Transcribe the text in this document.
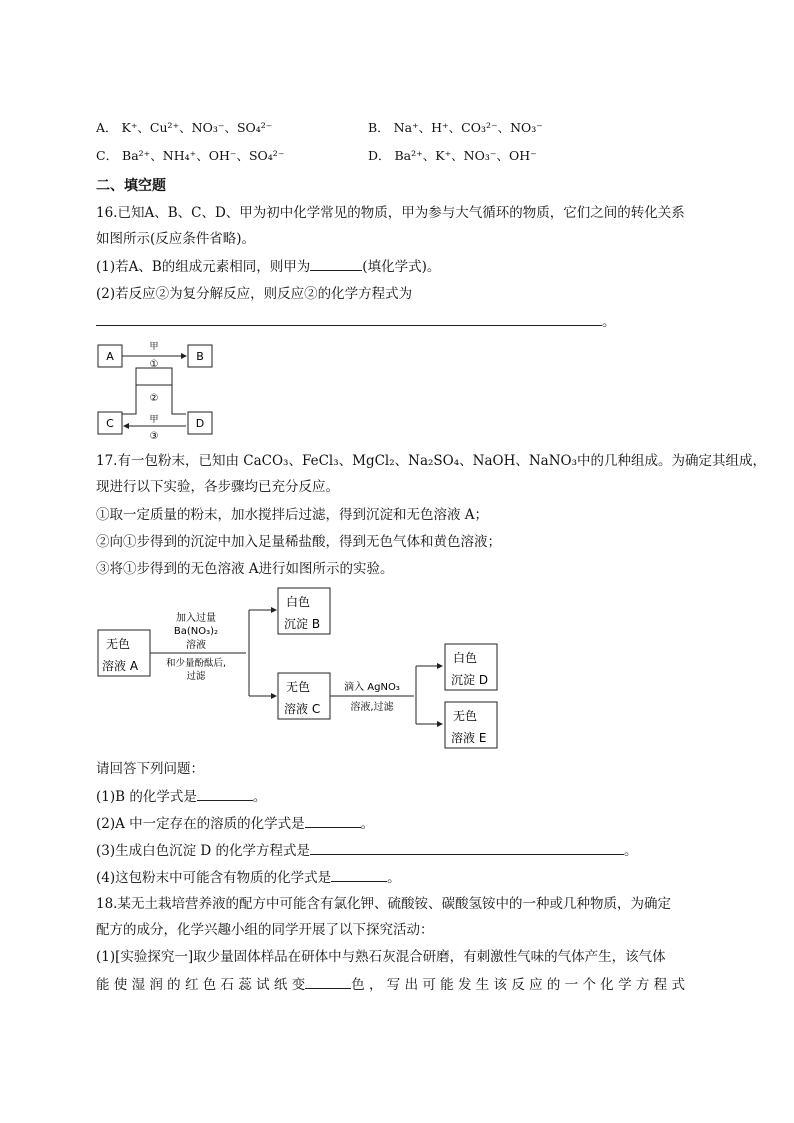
A． K⁺、Cu²⁺、NO₃⁻、SO₄²⁻	B． Na⁺、H⁺、CO₃²⁻、NO₃⁻
C． Ba²⁺、NH₄⁺、OH⁻、SO₄²⁻	D． Ba²⁺、K⁺、NO₃⁻、OH⁻
二、填空题
16.已知A、B、C、D、甲为初中化学常见的物质，甲为参与大气循环的物质，它们之间的转化关系
如图所示(反应条件省略)。
(1)若A、B的组成元素相同，则甲为	(填化学式)。
(2)若反应②为复分解反应，则反应②的化学方程式为
。
A	B
C	D
甲
①
②
甲
③
17.有一包粉末，已知由 CaCO₃、FeCl₃、MgCl₂、Na₂SO₄、NaOH、NaNO₃中的几种组成。为确定其组成，
现进行以下实验，各步骤均已充分反应。
①取一定质量的粉末，加水搅拌后过滤，得到沉淀和无色溶液 A；
②向①步得到的沉淀中加入足量稀盐酸，得到无色气体和黄色溶液；
③将①步得到的无色溶液 A进行如图所示的实验。
无色
溶液 A
加入过量
Ba(NO₃)₂
溶液
和少量酚酞后,
过滤
白色
沉淀 B
无色
溶液 C
滴入 AgNO₃
溶液,过滤
白色
沉淀 D
无色
溶液 E
请回答下列问题：
(1)B 的化学式是	。
(2)A 中一定存在的溶质的化学式是	。
(3)生成白色沉淀 D 的化学方程式是	。
(4)这包粉末中可能含有物质的化学式是	。
18.某无土栽培营养液的配方中可能含有氯化钾、硫酸铵、碳酸氢铵中的一种或几种物质，为确定
配方的成分，化学兴趣小组的同学开展了以下探究活动：
(1)[实验探究一]取少量固体样品在研体中与熟石灰混合研磨，有刺激性气味的气体产生，该气体
能 使 湿 润 的 红 色 石 蕊 试 纸 变	色 ， 写 出 可 能 发 生 该 反 应 的 一 个 化 学 方 程 式
